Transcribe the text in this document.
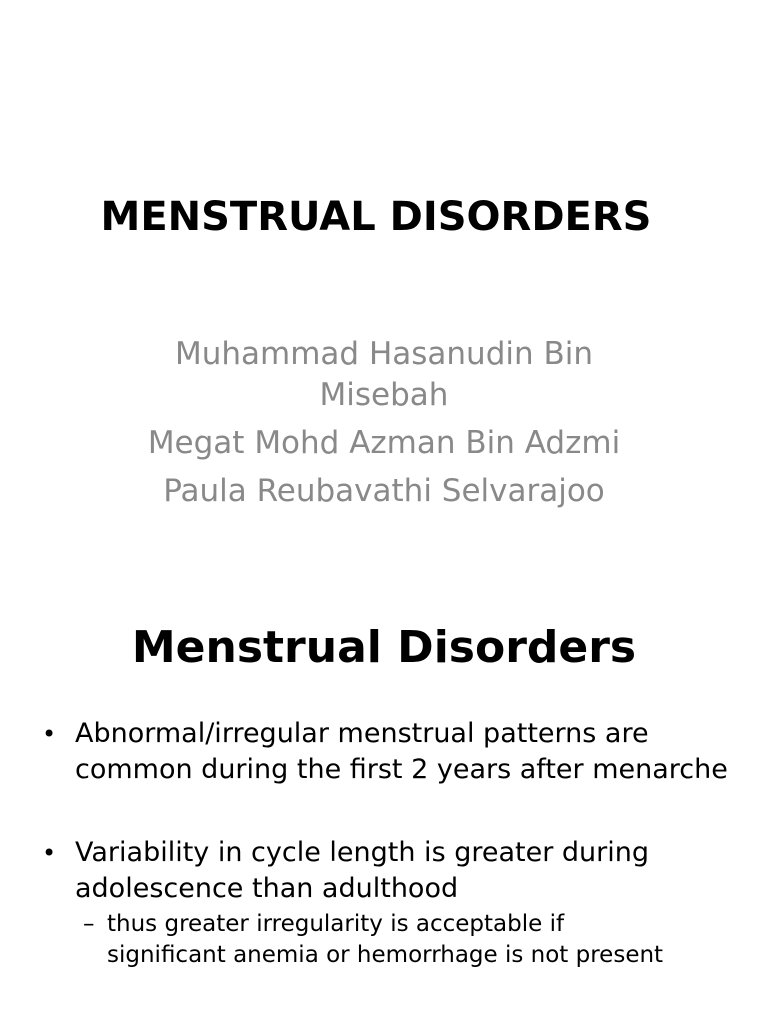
MENSTRUAL DISORDERS
Muhammad Hasanudin Bin Misebah
Megat Mohd Azman Bin Adzmi
Paula Reubavathi Selvarajoo
Menstrual Disorders
• Abnormal/irregular menstrual patterns are common during the first 2 years after menarche
• Variability in cycle length is greater during adolescence than adulthood
– thus greater irregularity is acceptable if significant anemia or hemorrhage is not present
